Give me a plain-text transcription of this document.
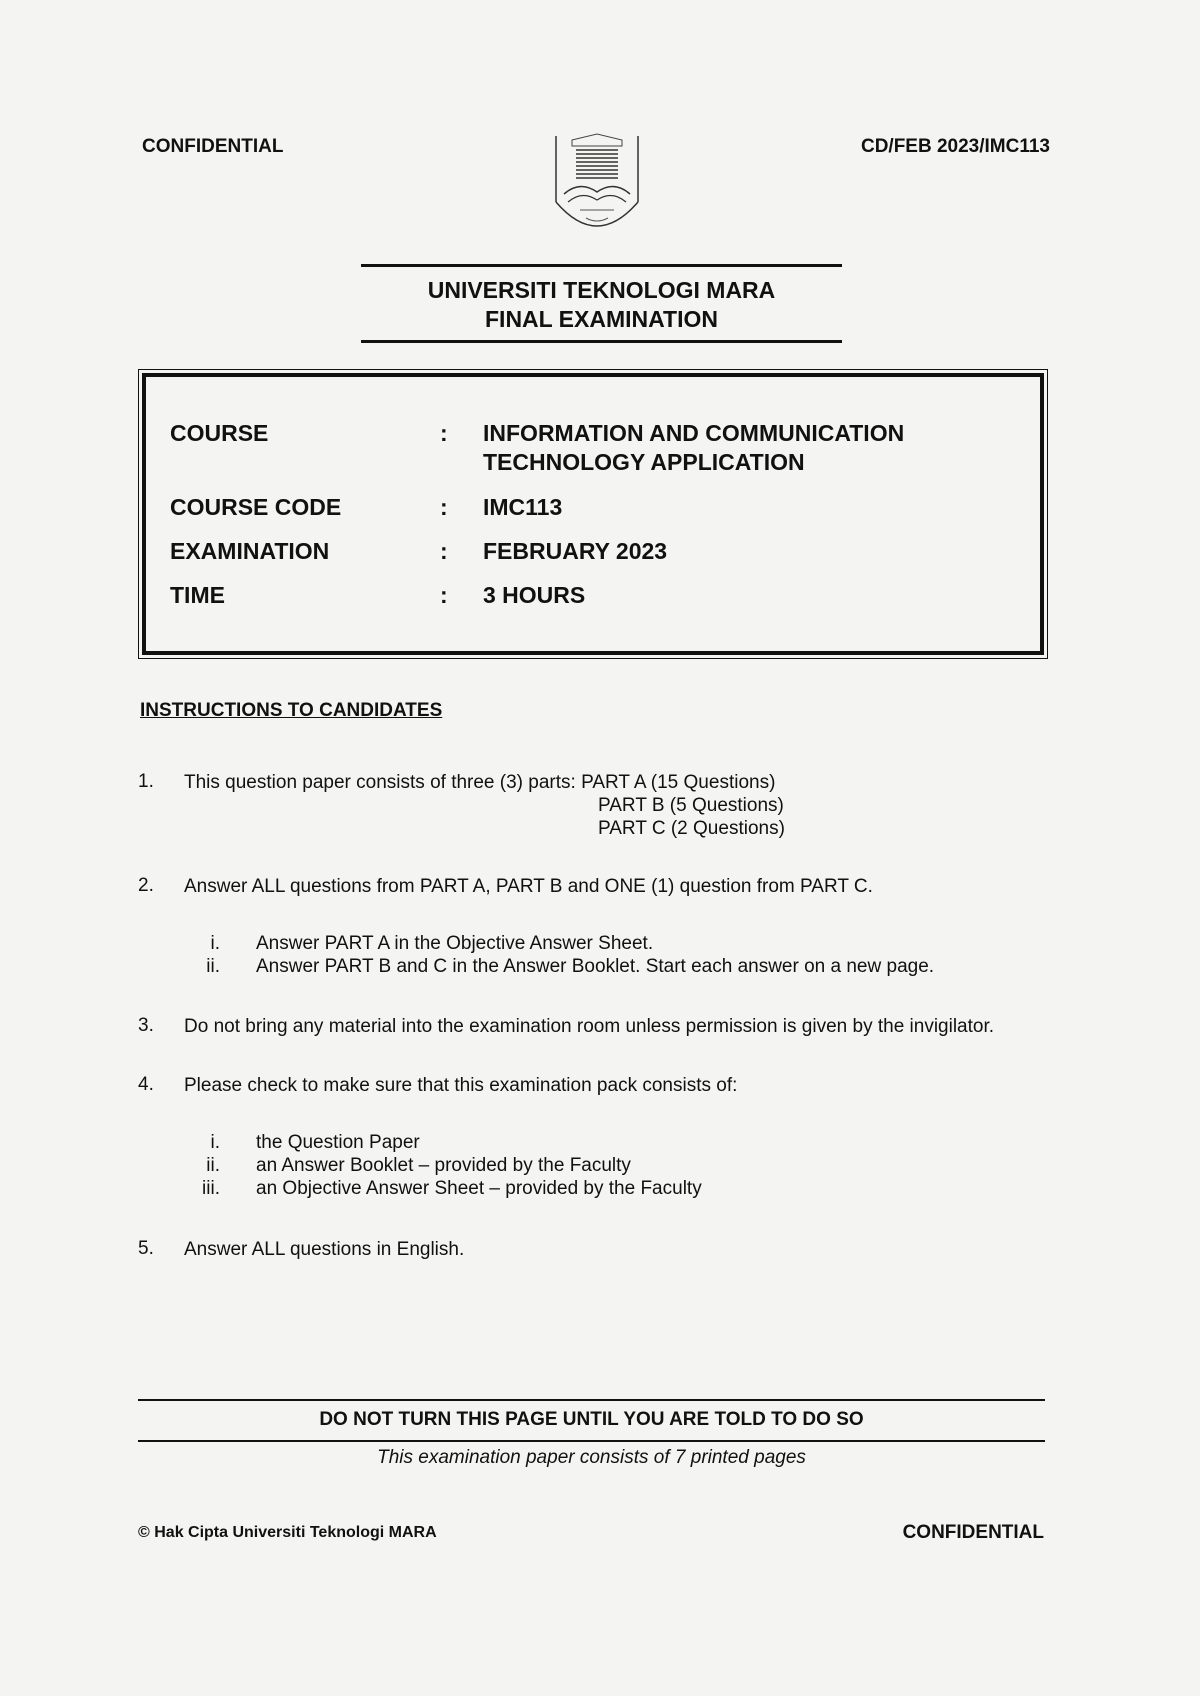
CONFIDENTIAL	CD/FEB 2023/IMC113
UNIVERSITI TEKNOLOGI MARA
FINAL EXAMINATION
COURSE	: INFORMATION AND COMMUNICATION
TECHNOLOGY APPLICATION
COURSE CODE	: IMC113
EXAMINATION	: FEBRUARY 2023
TIME	: 3 HOURS
INSTRUCTIONS TO CANDIDATES
1. This question paper consists of three (3) parts: PART A (15 Questions)
PART B (5 Questions)
PART C (2 Questions)
2. Answer ALL questions from PART A, PART B and ONE (1) question from PART C.
i. Answer PART A in the Objective Answer Sheet.
ii. Answer PART B and C in the Answer Booklet. Start each answer on a new page.
3. Do not bring any material into the examination room unless permission is given by the invigilator.
4. Please check to make sure that this examination pack consists of:
i. the Question Paper
ii. an Answer Booklet – provided by the Faculty
iii. an Objective Answer Sheet – provided by the Faculty
5. Answer ALL questions in English.
DO NOT TURN THIS PAGE UNTIL YOU ARE TOLD TO DO SO
This examination paper consists of 7 printed pages
© Hak Cipta Universiti Teknologi MARA	CONFIDENTIAL
